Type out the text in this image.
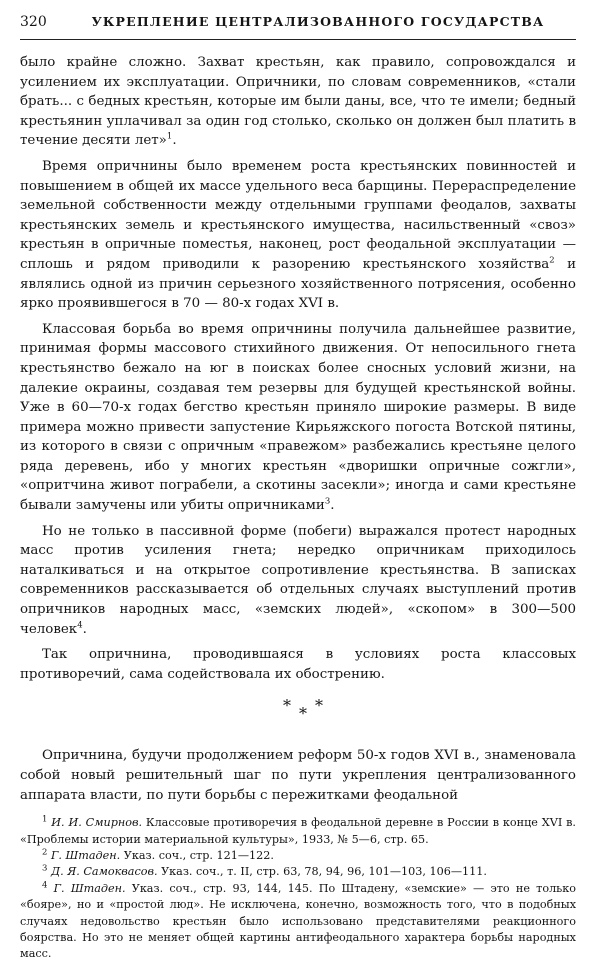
320	УКРЕПЛЕНИЕ ЦЕНТРАЛИЗОВАННОГО ГОСУДАРСТВА

было крайне сложно. Захват крестьян, как правило, сопровождался и усилением их эксплуатации. Опричники, по словам современников, «стали брать... с бедных крестьян, которые им были даны, все, что те имели; бедный крестьянин уплачивал за один год столько, сколько он должен был платить в течение десяти лет»$^1$.

Время опричнины было временем роста крестьянских повинностей и повышением в общей их массе удельного веса барщины. Перераспределение земельной собственности между отдельными группами феодалов, захваты крестьянских земель и крестьянского имущества, насильственный «своз» крестьян в опричные поместья, наконец, рост феодальной эксплуатации — сплошь и рядом приводили к разорению крестьянского хозяйства$^2$ и являлись одной из причин серьезного хозяйственного потрясения, особенно ярко проявившегося в 70 — 80-х годах XVI в.

Классовая борьба во время опричнины получила дальнейшее развитие, принимая формы массового стихийного движения. От непосильного гнета крестьянство бежало на юг в поисках более сносных условий жизни, на далекие окраины, создавая тем резервы для будущей крестьянской войны. Уже в 60—70-х годах бегство крестьян приняло широкие размеры. В виде примера можно привести запустение Кирьяжского погоста Вотской пятины, из которого в связи с опричным «правежом» разбежались крестьяне целого ряда деревень, ибо у многих крестьян «дворишки опричные сожгли», «опритчина живот пограбели, а скотины засекли»; иногда и сами крестьяне бывали замучены или убиты опричниками$^3$.

Но не только в пассивной форме (побеги) выражался протест народных масс против усиления гнета; нередко опричникам приходилось наталкиваться и на открытое сопротивление крестьянства. В записках современников рассказывается об отдельных случаях выступлений против опричников народных масс, «земских людей», «скопом» в 300—500 человек$^4$.

Так опричнина, проводившаяся в условиях роста классовых противоречий, сама содействовала их обострению.

*
*
*

Опричнина, будучи продолжением реформ 50-х годов XVI в., знаменовала собой новый решительный шаг по пути укрепления централизованного аппарата власти, по пути борьбы с пережитками феодальной

$^1$ И. И. Смирнов. Классовые противоречия в феодальной деревне в России в конце XVI в. «Проблемы истории материальной культуры», 1933, № 5—6, стр. 65.

$^2$ Г. Штаден. Указ. соч., стр. 121—122.

$^3$ Д. Я. Самоквасов. Указ. соч., т. II, стр. 63, 78, 94, 96, 101—103, 106—111.

$^4$ Г. Штаден. Указ. соч., стр. 93, 144, 145. По Штадену, «земские» — это не только «бояре», но и «простой люд». Не исключена, конечно, возможность того, что в подобных случаях недовольство крестьян было использовано представителями реакционного боярства. Но это не меняет общей картины антифеодального характера борьбы народных масс.
